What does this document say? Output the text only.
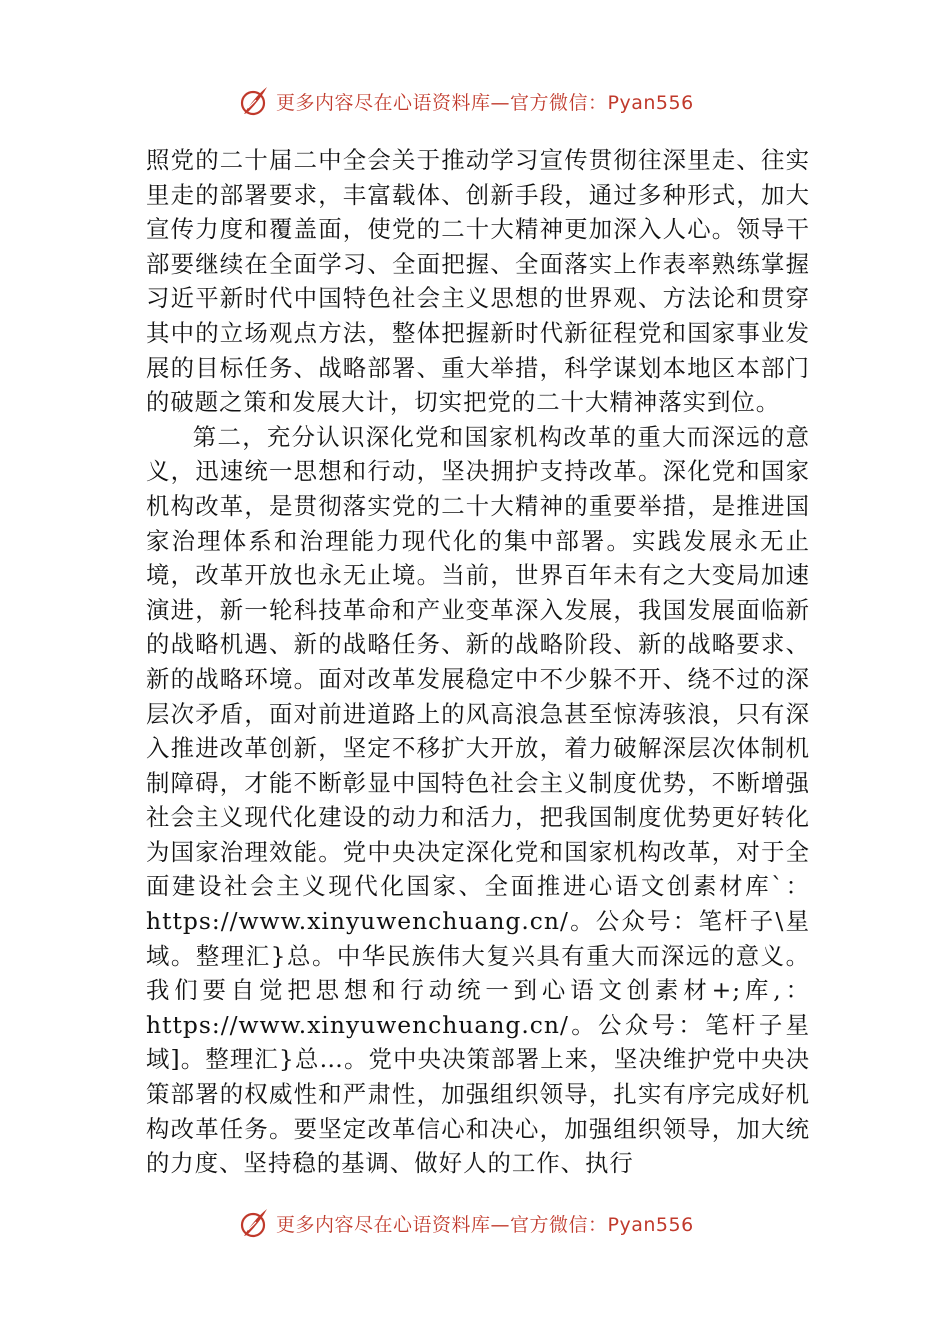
更多内容尽在心语资料库—官方微信：Pyan556

照党的二十届二中全会关于推动学习宣传贯彻往深里走、往实里走的部署要求，丰富载体、创新手段，通过多种形式，加大宣传力度和覆盖面，使党的二十大精神更加深入人心。领导干部要继续在全面学习、全面把握、全面落实上作表率熟练掌握习近平新时代中国特色社会主义思想的世界观、方法论和贯穿其中的立场观点方法，整体把握新时代新征程党和国家事业发展的目标任务、战略部署、重大举措，科学谋划本地区本部门的破题之策和发展大计，切实把党的二十大精神落实到位。

第二，充分认识深化党和国家机构改革的重大而深远的意义，迅速统一思想和行动，坚决拥护支持改革。深化党和国家机构改革，是贯彻落实党的二十大精神的重要举措，是推进国家治理体系和治理能力现代化的集中部署。实践发展永无止境，改革开放也永无止境。当前，世界百年未有之大变局加速演进，新一轮科技革命和产业变革深入发展，我国发展面临新的战略机遇、新的战略任务、新的战略阶段、新的战略要求、新的战略环境。面对改革发展稳定中不少躲不开、绕不过的深层次矛盾，面对前进道路上的风高浪急甚至惊涛骇浪，只有深入推进改革创新，坚定不移扩大开放，着力破解深层次体制机制障碍，才能不断彰显中国特色社会主义制度优势，不断增强社会主义现代化建设的动力和活力，把我国制度优势更好转化为国家治理效能。党中央决定深化党和国家机构改革，对于全面建设社会主义现代化国家、全面推进心语文创素材库`：https://www.xinyuwenchuang.cn/。公众号：笔杆子\星域。整理汇}总。中华民族伟大复兴具有重大而深远的意义。我们要自觉把思想和行动统一到心语文创素材+;库,：https://www.xinyuwenchuang.cn/。公众号：笔杆子星域]。整理汇}总…。党中央决策部署上来，坚决维护党中央决策部署的权威性和严肃性，加强组织领导，扎实有序完成好机构改革任务。要坚定改革信心和决心，加强组织领导，加大统的力度、坚持稳的基调、做好人的工作、执行

更多内容尽在心语资料库—官方微信：Pyan556
